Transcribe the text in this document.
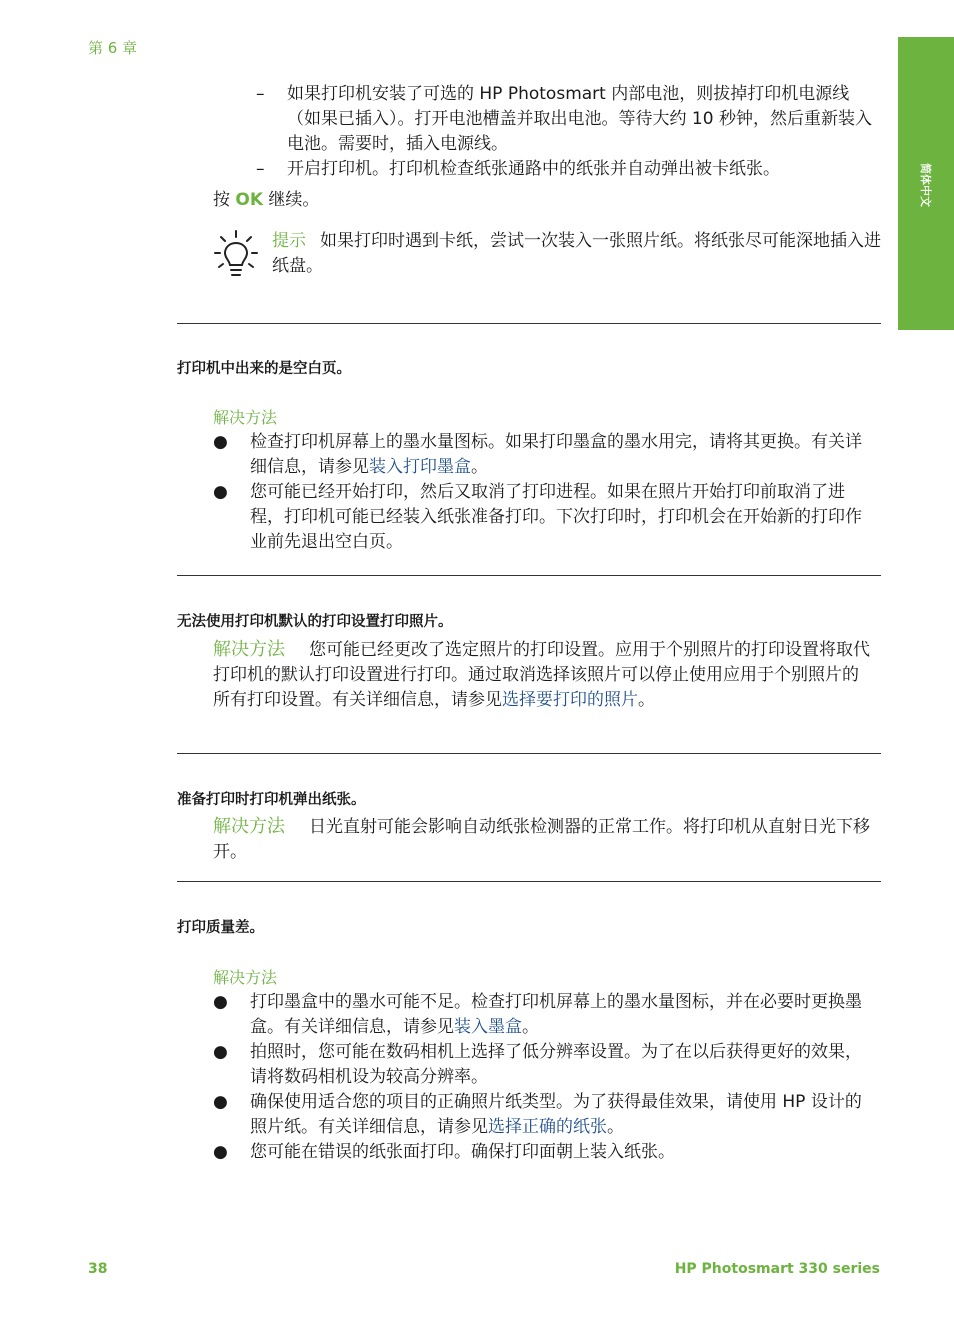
第 6 章
简体中文
– 如果打印机安装了可选的 HP Photosmart 内部电池，则拔掉打印机电源线（如果已插入）。打开电池槽盖并取出电池。等待大约 10 秒钟，然后重新装入电池。需要时，插入电源线。
– 开启打印机。打印机检查纸张通路中的纸张并自动弹出被卡纸张。
按 OK 继续。
提示 如果打印时遇到卡纸，尝试一次装入一张照片纸。将纸张尽可能深地插入进纸盘。
打印机中出来的是空白页。
解决方法
● 检查打印机屏幕上的墨水量图标。如果打印墨盒的墨水用完，请将其更换。有关详细信息，请参见装入打印墨盒。
● 您可能已经开始打印，然后又取消了打印进程。如果在照片开始打印前取消了进程，打印机可能已经装入纸张准备打印。下次打印时，打印机会在开始新的打印作业前先退出空白页。
无法使用打印机默认的打印设置打印照片。
解决方法 您可能已经更改了选定照片的打印设置。应用于个别照片的打印设置将取代打印机的默认打印设置进行打印。通过取消选择该照片可以停止使用应用于个别照片的所有打印设置。有关详细信息，请参见选择要打印的照片。
准备打印时打印机弹出纸张。
解决方法 日光直射可能会影响自动纸张检测器的正常工作。将打印机从直射日光下移开。
打印质量差。
解决方法
● 打印墨盒中的墨水可能不足。检查打印机屏幕上的墨水量图标，并在必要时更换墨盒。有关详细信息，请参见装入墨盒。
● 拍照时，您可能在数码相机上选择了低分辨率设置。为了在以后获得更好的效果，请将数码相机设为较高分辨率。
● 确保使用适合您的项目的正确照片纸类型。为了获得最佳效果，请使用 HP 设计的照片纸。有关详细信息，请参见选择正确的纸张。
● 您可能在错误的纸张面打印。确保打印面朝上装入纸张。
38	HP Photosmart 330 series
